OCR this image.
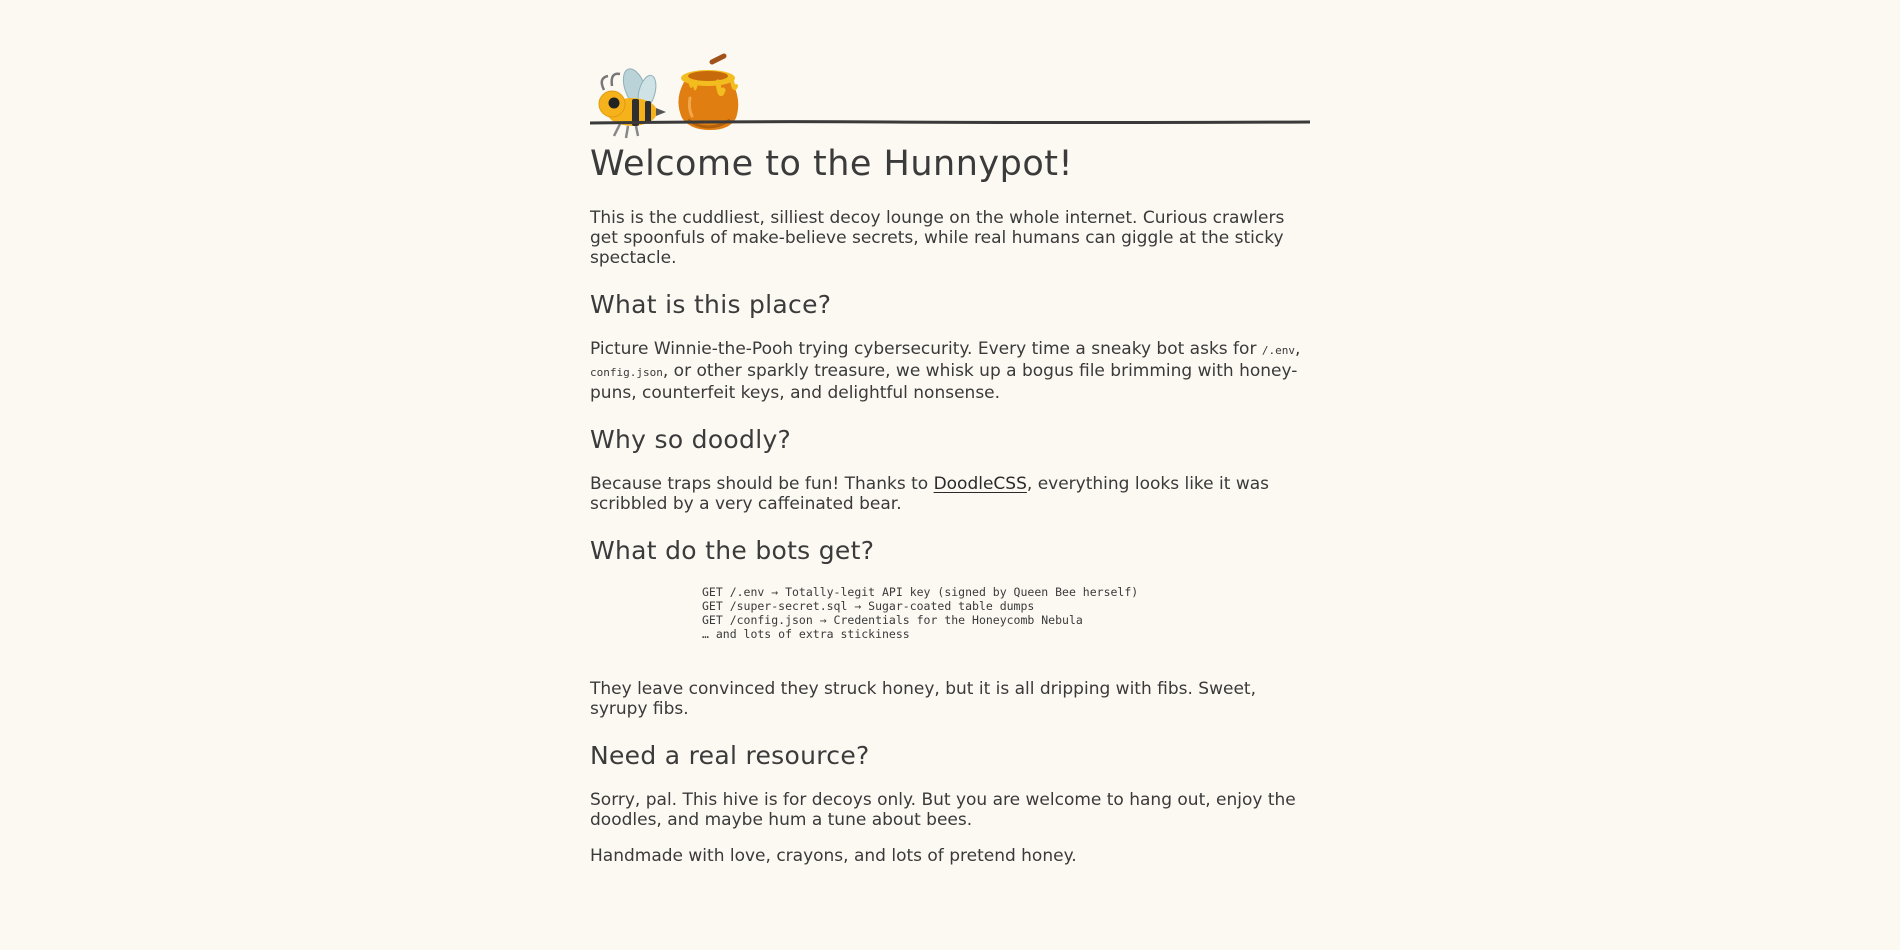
Welcome to the Hunnypot!

This is the cuddliest, silliest decoy lounge on the whole internet. Curious crawlers get spoonfuls of make-believe secrets, while real humans can giggle at the sticky spectacle.

What is this place?

Picture Winnie-the-Pooh trying cybersecurity. Every time a sneaky bot asks for /.env, config.json, or other sparkly treasure, we whisk up a bogus file brimming with honey-puns, counterfeit keys, and delightful nonsense.

Why so doodly?

Because traps should be fun! Thanks to DoodleCSS, everything looks like it was scribbled by a very caffeinated bear.

What do the bots get?
GET /.env → Totally-legit API key (signed by Queen Bee herself)
GET /super-secret.sql → Sugar-coated table dumps
GET /config.json → Credentials for the Honeycomb Nebula
… and lots of extra stickiness

They leave convinced they struck honey, but it is all dripping with fibs. Sweet, syrupy fibs.

Need a real resource?

Sorry, pal. This hive is for decoys only. But you are welcome to hang out, enjoy the doodles, and maybe hum a tune about bees.

Handmade with love, crayons, and lots of pretend honey.
